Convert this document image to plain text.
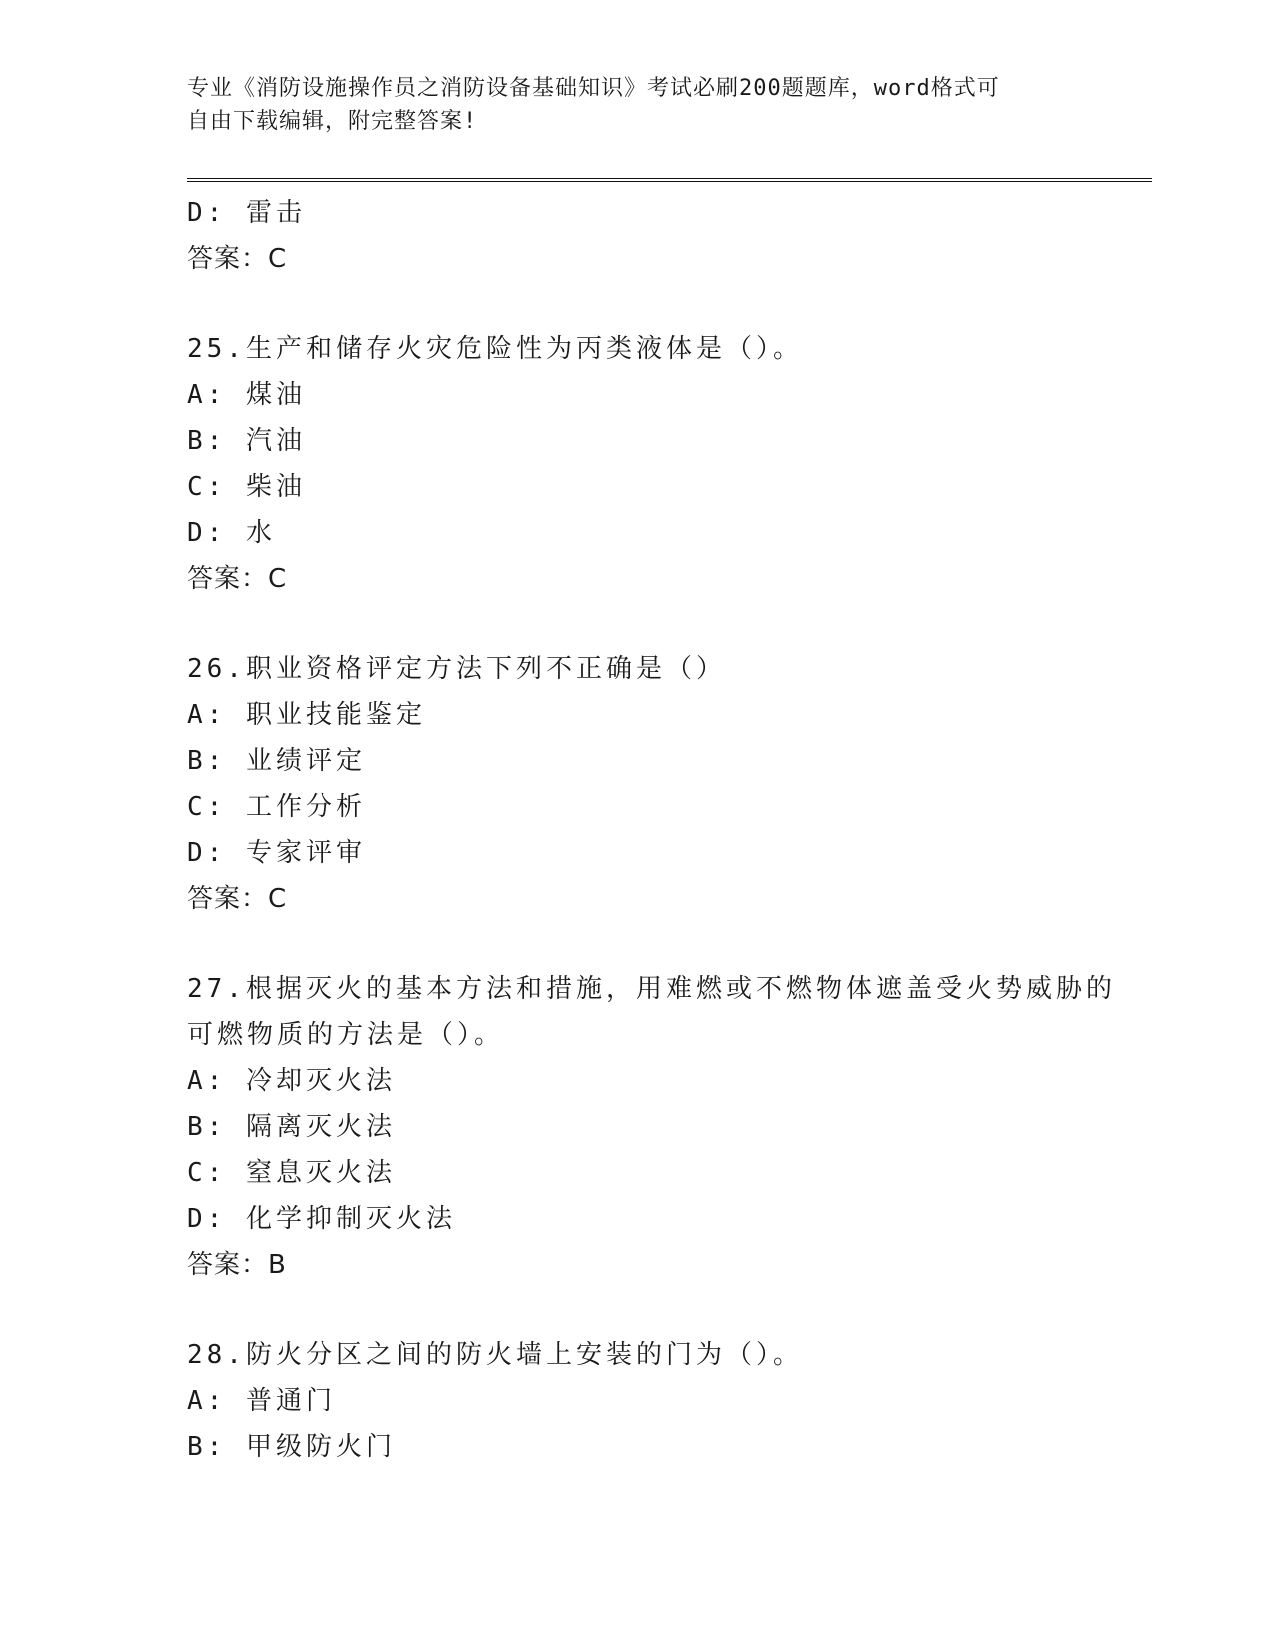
专业《消防设施操作员之消防设备基础知识》考试必刷200题题库，word格式可
自由下载编辑，附完整答案!
D: 雷击
答案：C
25.生产和储存火灾危险性为丙类液体是（）。
A: 煤油
B: 汽油
C: 柴油
D: 水
答案：C
26.职业资格评定方法下列不正确是（）
A: 职业技能鉴定
B: 业绩评定
C: 工作分析
D: 专家评审
答案：C
27.根据灭火的基本方法和措施，用难燃或不燃物体遮盖受火势威胁的
可燃物质的方法是（）。
A: 冷却灭火法
B: 隔离灭火法
C: 窒息灭火法
D: 化学抑制灭火法
答案：B
28.防火分区之间的防火墙上安装的门为（）。
A: 普通门
B: 甲级防火门
